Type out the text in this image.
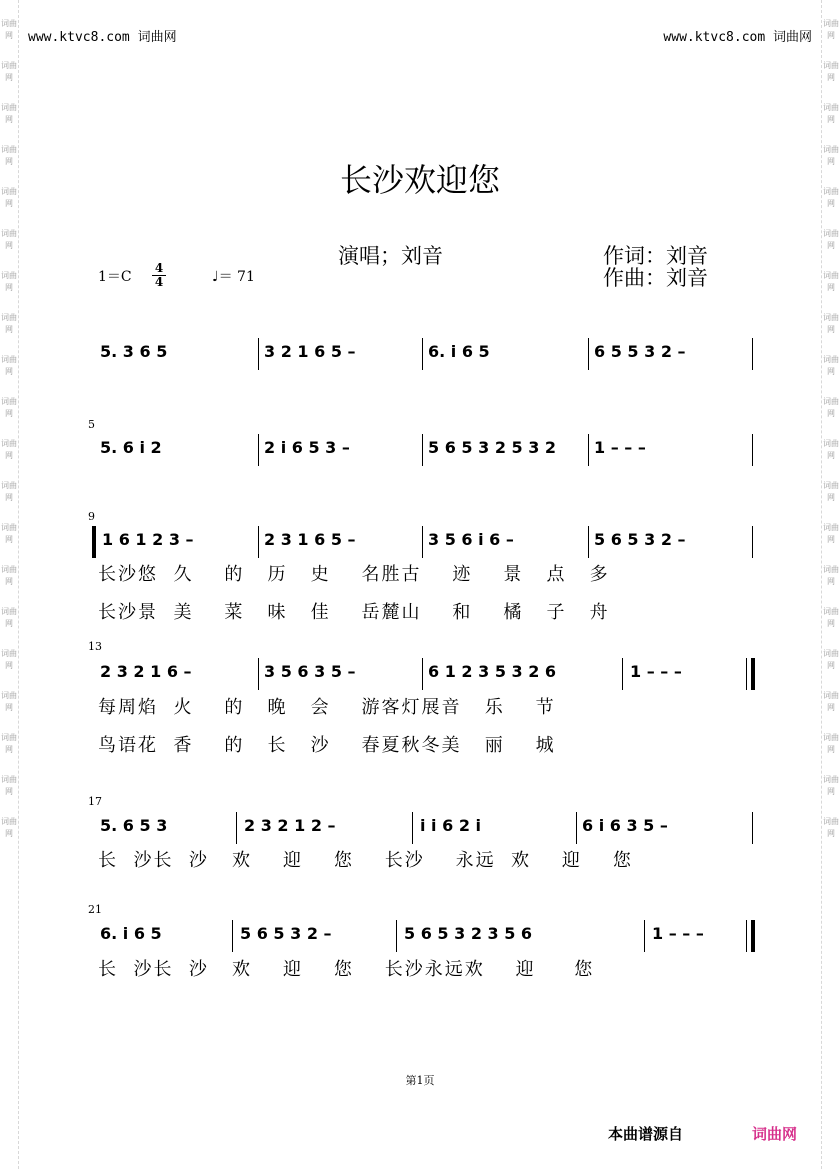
词曲网
词曲网
词曲网
词曲网
词曲网
词曲网
词曲网
词曲网
词曲网
词曲网
词曲网
词曲网
词曲网
词曲网
词曲网
词曲网
词曲网
词曲网
词曲网
词曲网
词曲网
词曲网
词曲网
词曲网
词曲网
词曲网
词曲网
词曲网
词曲网
词曲网
词曲网
词曲网
词曲网
词曲网
词曲网
词曲网
词曲网
词曲网
词曲网
词曲网
www.ktvc8.com 词曲网	www.ktvc8.com 词曲网
长沙欢迎您
演唱；刘音	作词：刘音
作曲：刘音
1＝C
4
4	♩＝ 71
5
9
13
17
21
5. 3 6 5	3 2 1 6 5 –	6. i 6 5	6 5 5 3 2 –
5. 6 i 2	2 i 6 5 3 –	5 6 5 3 2 5 3 2 1 – – –
1 6 1 2 3 –	2 3 1 6 5 –	3 5 6 i 6 –	5 6 5 3 2 –
长沙悠  久    的   历   史    名胜古    迹    景   点   多
长沙景  美    菜   味   佳    岳麓山    和    橘   子   舟
2 3 2 1 6 –	3 5 6 3 5 –	6 1 2 3 5 3 2 6	1 – – –
每周焰  火    的   晚   会    游客灯展音   乐    节
鸟语花  香    的   长   沙    春夏秋冬美   丽    城
5. 6 5 3	2 3 2 1 2 –	i i 6 2 i	6 i 6 3 5 –
长  沙长  沙   欢    迎    您    长沙    永远  欢    迎    您
6. i 6 5	5 6 5 3 2 –	5 6 5 3 2 3 5 6	1 – – –
长  沙长  沙   欢    迎    您    长沙永远欢    迎     您
第1页
本曲谱源自	词曲网
